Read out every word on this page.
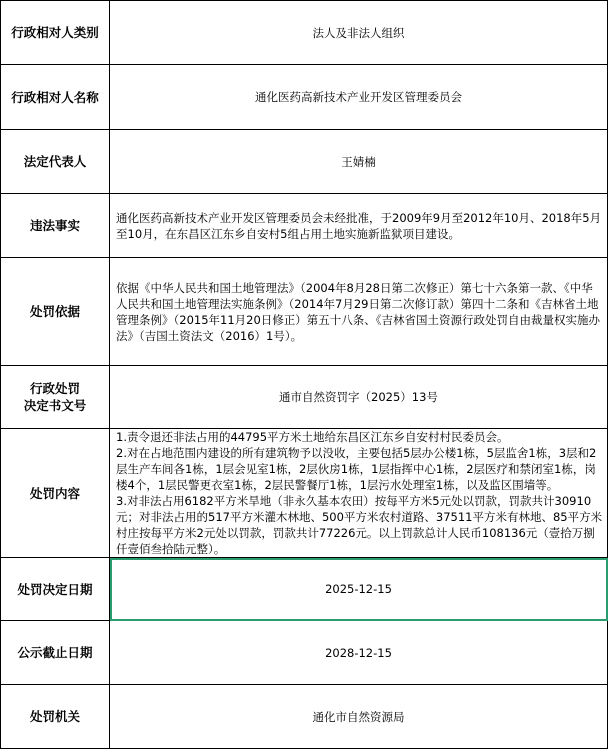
行政相对人类别	法人及非法人组织

行政相对人名称	通化医药高新技术产业开发区管理委员会

法定代表人	王婧楠

违法事实	通化医药高新技术产业开发区管理委员会未经批准，于2009年9月至2012年10月、2018年5月至10月，在东昌区江东乡自安村5组占用土地实施新监狱项目建设。

处罚依据	依据《中华人民共和国土地管理法》（2004年8月28日第二次修正）第七十六条第一款、《中华人民共和国土地管理法实施条例》（2014年7月29日第二次修订款）第四十二条和《吉林省土地管理条例》（2015年11月20日修正）第五十八条、《吉林省国土资源行政处罚自由裁量权实施办法》（吉国土资法文（2016）1号）。

行政处罚
决定书文号	通市自然资罚字（2025）13号

处罚内容	1.责令退还非法占用的44795平方米土地给东昌区江东乡自安村村民委员会。
2.对在占地范围内建设的所有建筑物予以没收，主要包括5层办公楼1栋，5层监舍1栋，3层和2层生产车间各1栋，1层会见室1栋，2层伙房1栋，1层指挥中心1栋，2层医疗和禁闭室1栋，岗楼4个，1层民警更衣室1栋，2层民警餐厅1栋，1层污水处理室1栋，以及监区围墙等。
3.对非法占用6182平方米旱地（非永久基本农田）按每平方米5元处以罚款，罚款共计30910元；对非法占用的517平方米灌木林地、500平方米农村道路、37511平方米有林地、85平方米村庄按每平方米2元处以罚款，罚款共计77226元。以上罚款总计人民币108136元（壹拾万捌仟壹佰叁拾陆元整）。

处罚决定日期	2025-12-15

公示截止日期	2028-12-15

处罚机关	通化市自然资源局
